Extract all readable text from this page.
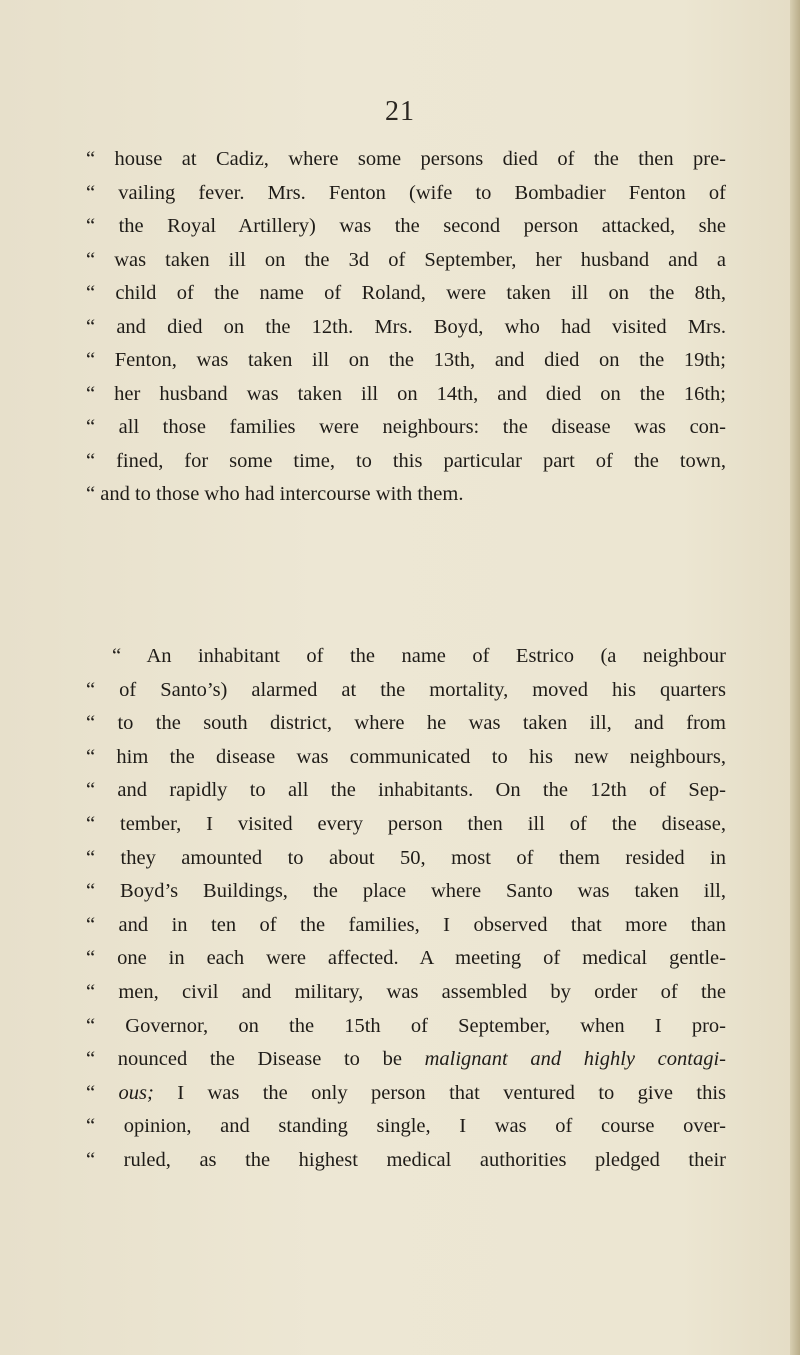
21
“ house at Cadiz, where some persons died of the then pre-
“ vailing fever. Mrs. Fenton (wife to Bombadier Fenton of
“ the Royal Artillery) was the second person attacked, she
“ was taken ill on the 3d of September, her husband and a
“ child of the name of Roland, were taken ill on the 8th,
“ and died on the 12th. Mrs. Boyd, who had visited Mrs.
“ Fenton, was taken ill on the 13th, and died on the 19th;
“ her husband was taken ill on 14th, and died on the 16th;
“ all those families were neighbours: the disease was con-
“ fined, for some time, to this particular part of the town,
“ and to those who had intercourse with them.
“ An inhabitant of the name of Estrico (a neighbour
“ of Santo’s) alarmed at the mortality, moved his quarters
“ to the south district, where he was taken ill, and from
“ him the disease was communicated to his new neighbours,
“ and rapidly to all the inhabitants. On the 12th of Sep-
“ tember, I visited every person then ill of the disease,
“ they amounted to about 50, most of them resided in
“ Boyd’s Buildings, the place where Santo was taken ill,
“ and in ten of the families, I observed that more than
“ one in each were affected. A meeting of medical gentle-
“ men, civil and military, was assembled by order of the
“ Governor, on the 15th of September, when I pro-
“ nounced the Disease to be malignant and highly contagi-
“ ous; I was the only person that ventured to give this
“ opinion, and standing single, I was of course over-
“ ruled, as the highest medical authorities pledged their
